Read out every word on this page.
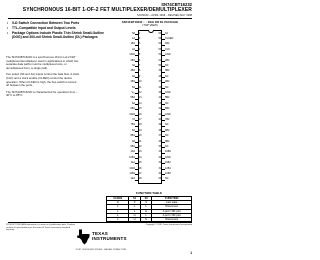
SN74CBT16232
SYNCHRONOUS 16-BIT 1-OF-2 FET MULTIPLEXER/DEMULTIPLEXER
SCDS040 – APRIL 1998 – REVISED MAY 1998
• 5-Ω Switch Connection Between Two Ports
• TTL-Compatible Input and Output Levels
• Package Options Include Plastic Thin Shrink Small-Outline (DGG) and 300-mil Shrink Small-Outline (DL) Packages

The SN74CBT16232 is a synchronous 16-bit 1-of-2 FET multiplexer/demultiplexer used in applications in which two separate data paths must be multiplexed onto, or demultiplexed from, a single path.

Two select (S0 and S1) inputs control the data flow. A clock (CLK) and a clock enable (CLKEN) control the device operation. When CLKEN is high, the bus switch is turned off between the ports.

The SN74CBT16232 is characterized for operation from –40°C to 85°C.

SN74CBT16232 . . . DGG OR DL PACKAGE
(TOP VIEW)
S0 1
1A 2
1B1 3
2A 4
GND 5
2B1 6
3A 7
3B1 8
4A 9
4B1 10
5A 11
V₁₁ 12
5B1 13
6A 14
6B1 15
GND 16
7A 17
7B1 18
8A 19
8B1 20
9A 21
9B1 22
10A 23
10B1 24
11A 25
GND 26
11B1 27
12A 28
S1
56
CLKEN
55
1B2
54
CLK
53
GND
52
2B2
51
NC
50
3B2
49
NC
48
4B2
47
NC
46
GND
45
5B2
44
NC
43
6B2
42
GND
41
7B2
40
NC
39
8B2
38
NC
37
9B2
36
NC
35
10B2
34
GND
33
11B2
32
12B1
31
12B2
30
NC
29
FUNCTION TABLE
CLKEN	S1	S0	FUNCTION
H	X	X	Last state
L	L	L	Disconnect
L	L	H	A port = B1 port
L	H	L	A port = B2 port
L	H	H	Disconnect
PRODUCTION DATA information is current as of publication date. Products conform to specifications per the terms of Texas Instruments standard warranty.
Copyright © 1998, Texas Instruments Incorporated
TEXAS
INSTRUMENTS
POST OFFICE BOX 655303 • DALLAS, TEXAS 75265
1
